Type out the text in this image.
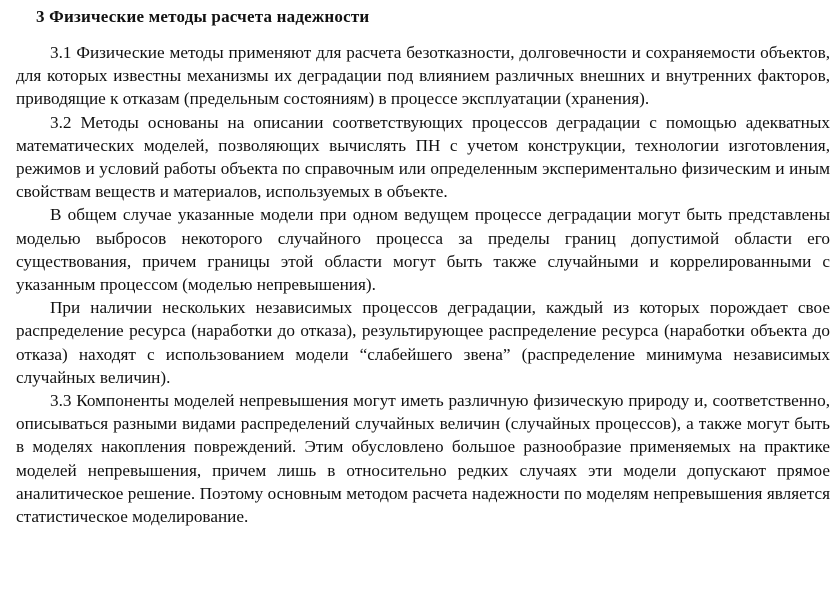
3 Физические методы расчета надежности

3.1 Физические методы применяют для расчета безотказности, долговечности и сохраняемости объектов, для которых известны механизмы их деградации под влиянием различных внешних и внутренних факторов, приводящие к отказам (предельным состояниям) в процессе эксплуатации (хранения).

3.2 Методы основаны на описании соответствующих процессов деградации с помощью адекватных математических моделей, позволяющих вычислять ПН с учетом конструкции, технологии изготовления, режимов и условий работы объекта по справочным или определенным экспериментально физическим и иным свойствам веществ и материалов, используемых в объекте.

В общем случае указанные модели при одном ведущем процессе деградации могут быть представлены моделью выбросов некоторого случайного процесса за пределы границ допустимой области его существования, причем границы этой области могут быть также случайными и коррелированными с указанным процессом (моделью непревышения).

При наличии нескольких независимых процессов деградации, каждый из которых порождает свое распределение ресурса (наработки до отказа), результирующее распределение ресурса (наработки объекта до отказа) находят с использованием модели “слабейшего звена” (распределение минимума независимых случайных величин).

3.3 Компоненты моделей непревышения могут иметь различную физическую природу и, соответственно, описываться разными видами распределений случайных величин (случайных процессов), а также могут быть в моделях накопления повреждений. Этим обусловлено большое разнообразие применяемых на практике моделей непревышения, причем лишь в относительно редких случаях эти модели допускают прямое аналитическое решение. Поэтому основным методом расчета надежности по моделям непревышения является статистическое моделирование.
